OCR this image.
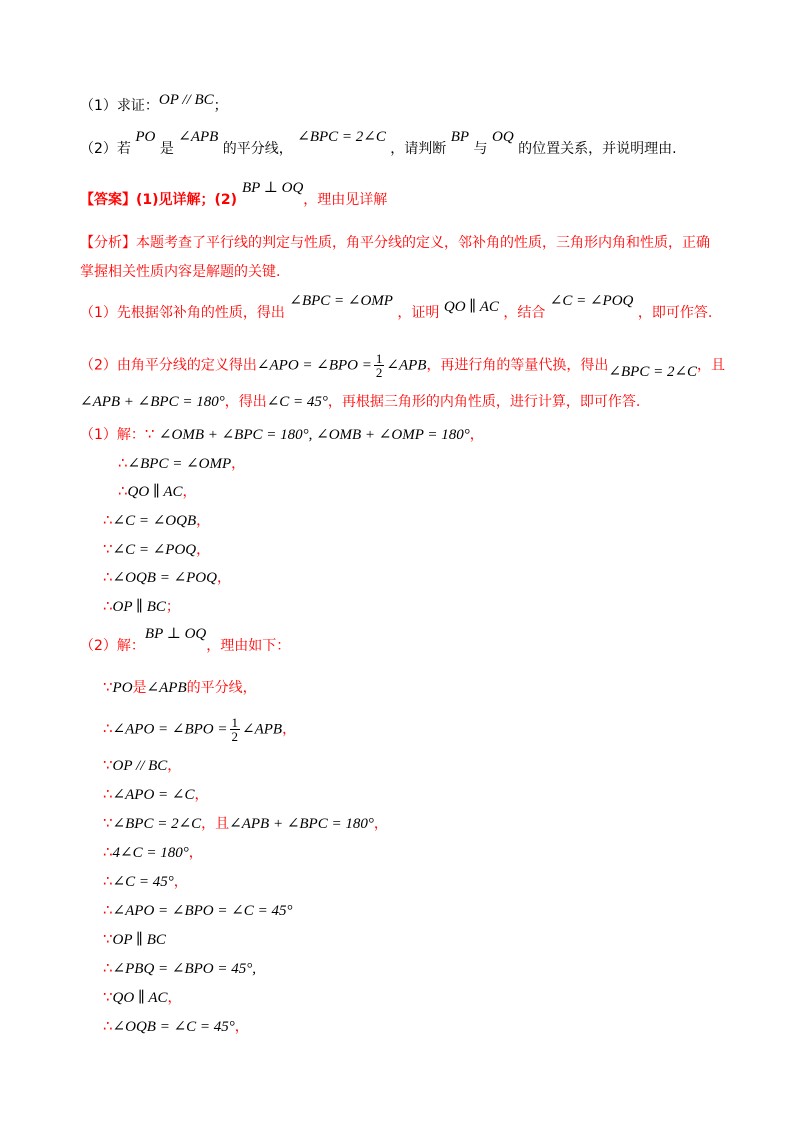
（1）求证：OP // BC；
（2）若 PO 是 ∠APB 的平分线， ∠BPC = 2∠C ，请判断 BP 与 OQ 的位置关系，并说明理由.
【答案】(1)见详解；(2) BP ⊥ OQ，理由见详解
【分析】本题考查了平行线的判定与性质，角平分线的定义，邻补角的性质，三角形内角和性质，正确
掌握相关性质内容是解题的关键.
（1）先根据邻补角的性质，得出 ∠BPC = ∠OMP ，证明 QO ∥ AC ，结合 ∠C = ∠POQ ，即可作答.
（2）由角平分线的定义得出∠APO = ∠BPO = $\frac{1}{2}$ ∠APB，再进行角的等量代换，得出∠BPC = 2∠C，且
∠APB + ∠BPC = 180°，得出∠C = 45°，再根据三角形的内角性质，进行计算，即可作答.
（1）解：∵ ∠OMB + ∠BPC = 180°, ∠OMB + ∠OMP = 180°，
∴∠BPC = ∠OMP，
∴QO ∥ AC，
∴∠C = ∠OQB，
∵∠C = ∠POQ，
∴∠OQB = ∠POQ，
∴OP ∥ BC；
（2）解：BP ⊥ OQ，理由如下：
∵PO是∠APB的平分线，
∴∠APO = ∠BPO = $\frac{1}{2}$ ∠APB，
∵OP // BC，
∴∠APO = ∠C，
∵∠BPC = 2∠C，且∠APB + ∠BPC = 180°，
∴4∠C = 180°，
∴∠C = 45°，
∴∠APO = ∠BPO = ∠C = 45°
∵OP ∥ BC
∴∠PBQ = ∠BPO = 45°,
∵QO ∥ AC，
∴∠OQB = ∠C = 45°，
